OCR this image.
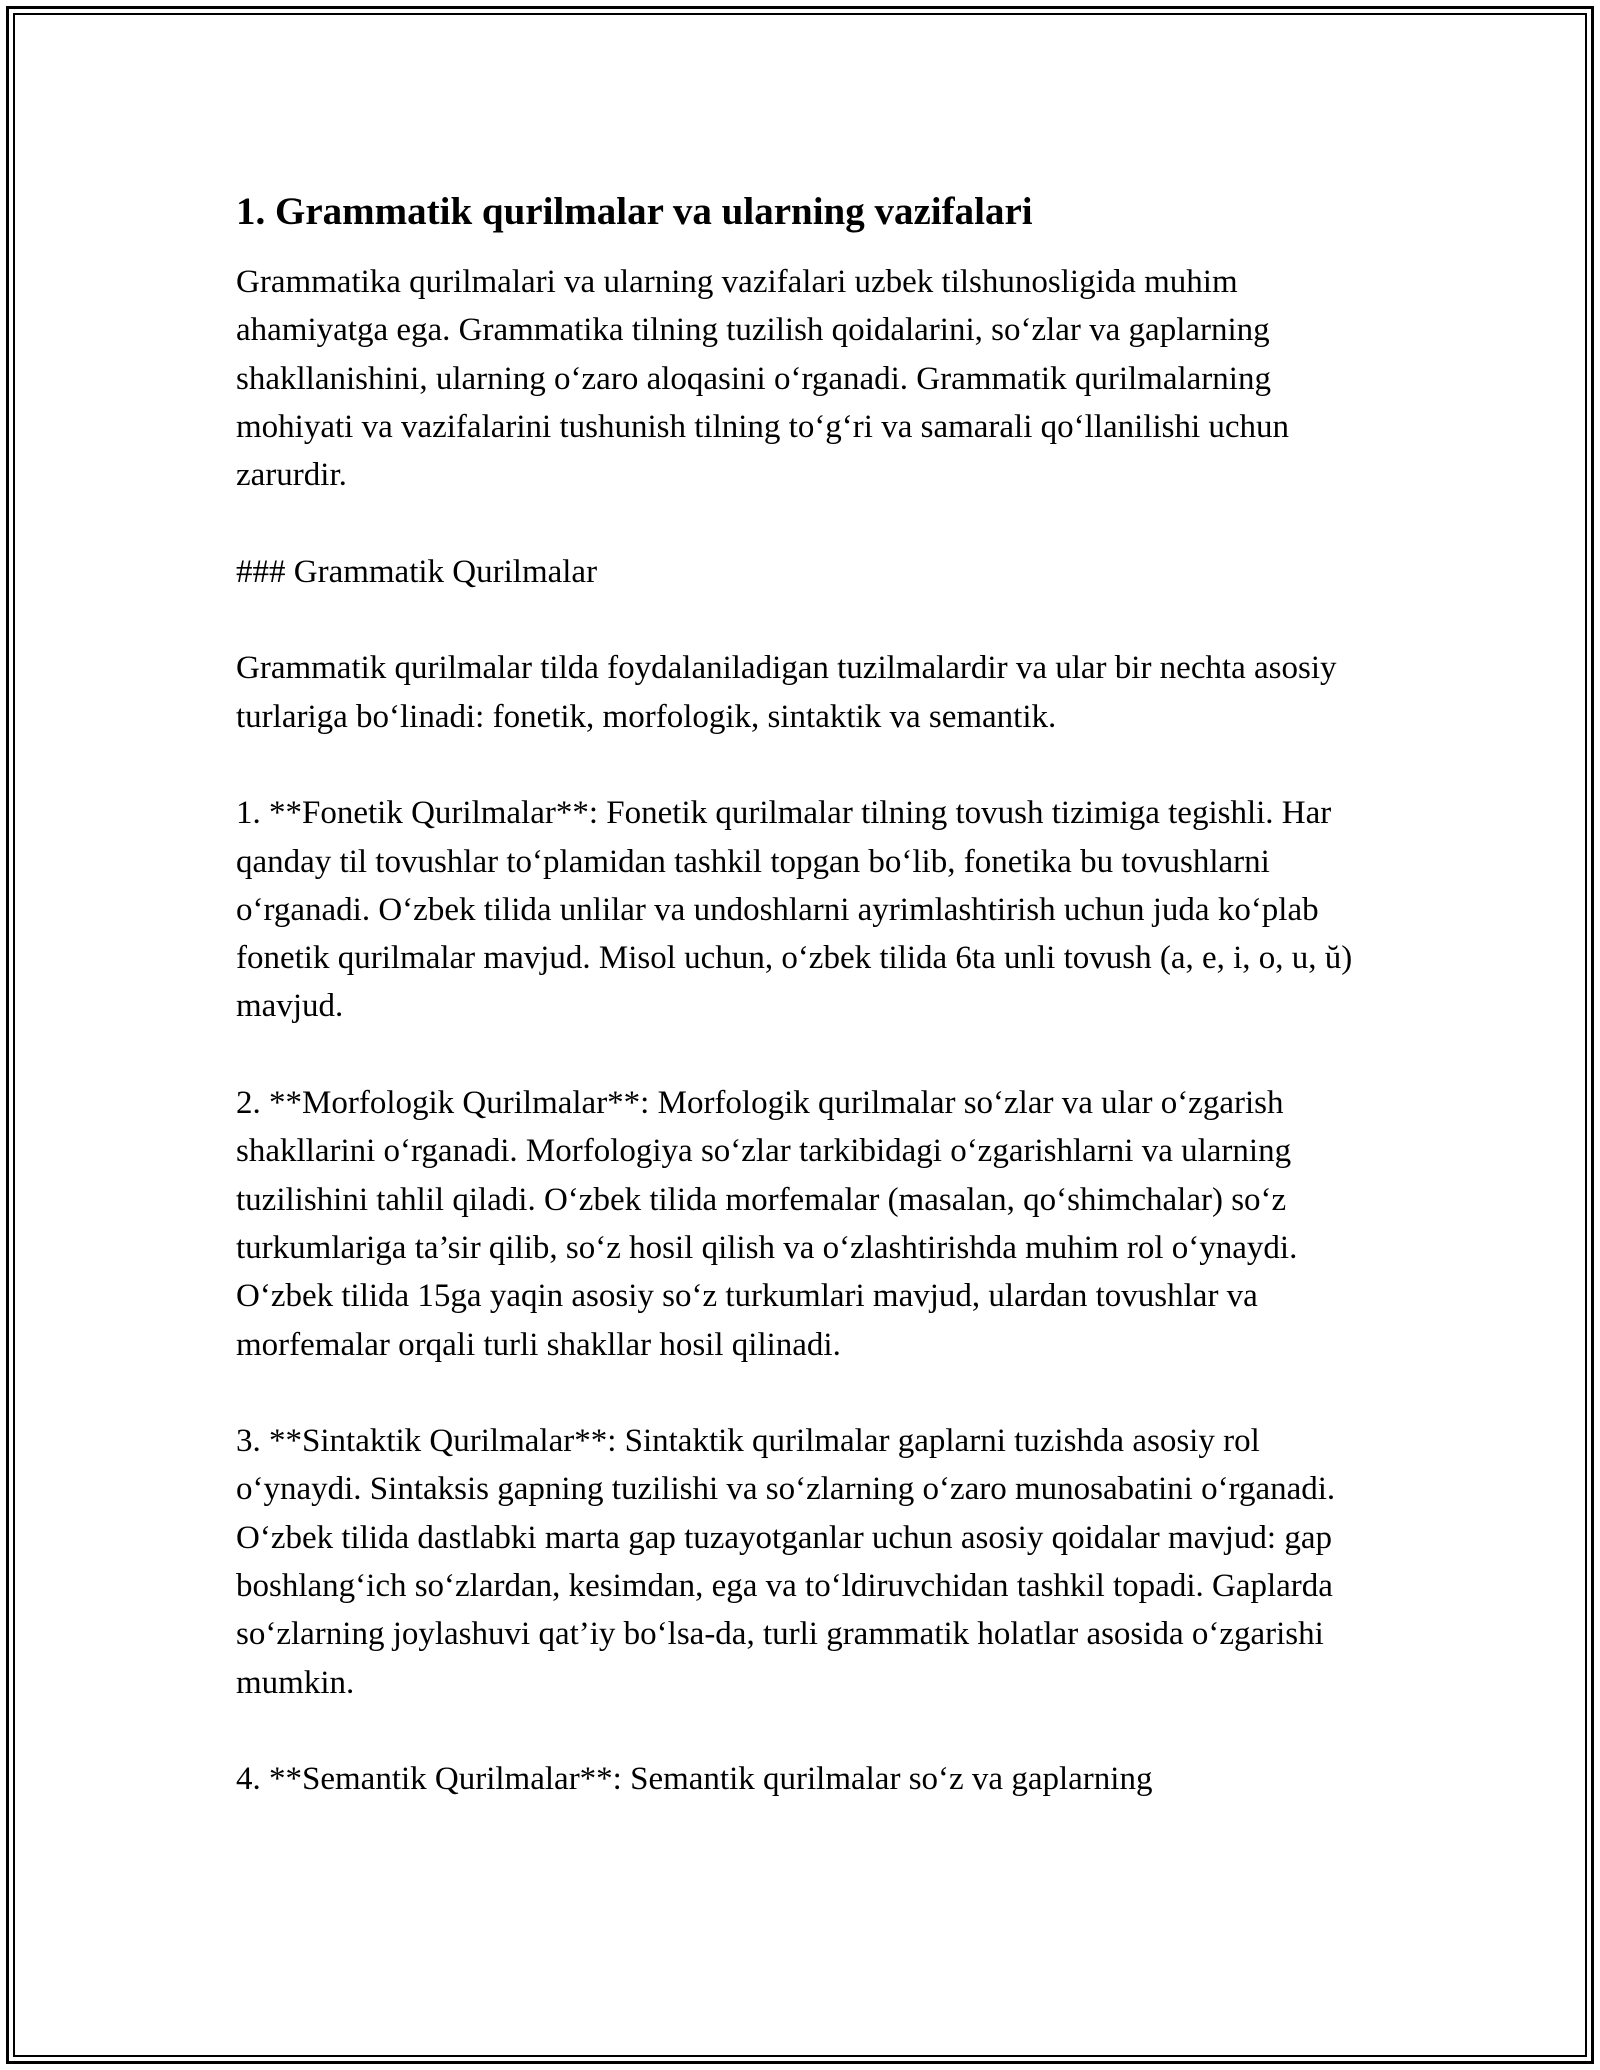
1. Grammatik qurilmalar va ularning vazifalari

Grammatika qurilmalari va ularning vazifalari uzbek tilshunosligida muhim ahamiyatga ega. Grammatika tilning tuzilish qoidalarini, so‘zlar va gaplarning shakllanishini, ularning o‘zaro aloqasini o‘rganadi. Grammatik qurilmalarning mohiyati va vazifalarini tushunish tilning to‘g‘ri va samarali qo‘llanilishi uchun zarurdir.

### Grammatik Qurilmalar

Grammatik qurilmalar tilda foydalaniladigan tuzilmalardir va ular bir nechta asosiy turlariga bo‘linadi: fonetik, morfologik, sintaktik va semantik.

1. **Fonetik Qurilmalar**: Fonetik qurilmalar tilning tovush tizimiga tegishli. Har qanday til tovushlar to‘plamidan tashkil topgan bo‘lib, fonetika bu tovushlarni o‘rganadi. O‘zbek tilida unlilar va undoshlarni ayrimlashtirish uchun juda ko‘plab fonetik qurilmalar mavjud. Misol uchun, o‘zbek tilida 6ta unli tovush (a, e, i, o, u, ŭ) mavjud.

2. **Morfologik Qurilmalar**: Morfologik qurilmalar so‘zlar va ular o‘zgarish shakllarini o‘rganadi. Morfologiya so‘zlar tarkibidagi o‘zgarishlarni va ularning tuzilishini tahlil qiladi. O‘zbek tilida morfemalar (masalan, qo‘shimchalar) so‘z turkumlariga ta’sir qilib, so‘z hosil qilish va o‘zlashtirishda muhim rol o‘ynaydi. O‘zbek tilida 15ga yaqin asosiy so‘z turkumlari mavjud, ulardan tovushlar va morfemalar orqali turli shakllar hosil qilinadi.

3. **Sintaktik Qurilmalar**: Sintaktik qurilmalar gaplarni tuzishda asosiy rol o‘ynaydi. Sintaksis gapning tuzilishi va so‘zlarning o‘zaro munosabatini o‘rganadi. O‘zbek tilida dastlabki marta gap tuzayotganlar uchun asosiy qoidalar mavjud: gap boshlang‘ich so‘zlardan, kesimdan, ega va to‘ldiruvchidan tashkil topadi. Gaplarda so‘zlarning joylashuvi qat’iy bo‘lsa-da, turli grammatik holatlar asosida o‘zgarishi mumkin.

4. **Semantik Qurilmalar**: Semantik qurilmalar so‘z va gaplarning
